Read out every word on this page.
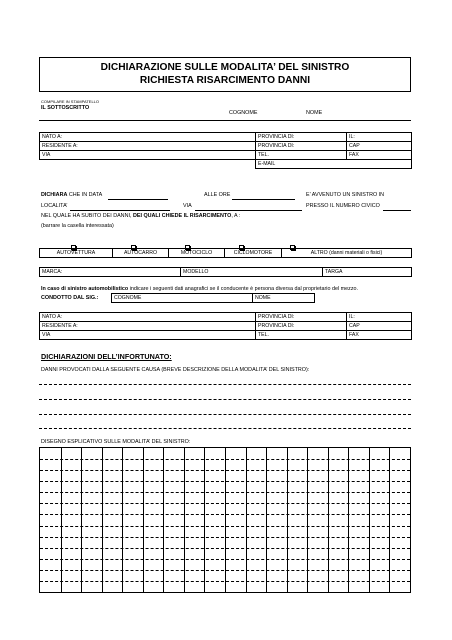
DICHIARAZIONE SULLE MODALITA’ DEL SINISTRO
RICHIESTA RISARCIMENTO DANNI
COMPILARE IN STAMPATELLO
IL SOTTOSCRITTO
COGNOME	NOME
NATO A:	PROVINCIA DI:	IL:
RESIDENTE A:	PROVINCIA DI:	CAP
VIA	TEL.	FAX
	E-MAIL	
DICHIARA CHE IN DATA	ALLE ORE	E’ AVVENUTO UN SINISTRO IN
LOCALITA’	VIA	PRESSO IL NUMERO CIVICO
NEL QUALE HA SUBITO DEI DANNI, DEI QUALI CHIEDE IL RISARCIMENTO, A :
(barrare la casella interessata)
AUTOVETTURA	AUTOCARRO	MOTOCICLO	CICLOMOTORE	ALTRO (danni materiali o fisici)
MARCA:	MODELLO	TARGA
In caso di sinistro automobilistico indicare i seguenti dati anagrafici se il conducente è persona diversa dal proprietario del mezzo.
CONDOTTO DAL SIG.:	COGNOME	NOME
NATO A:	PROVINCIA DI:	IL:
RESIDENTE A:	PROVINCIA DI:	CAP
VIA	TEL.	FAX
DICHIARAZIONI DELL’INFORTUNATO:
DANNI PROVOCATI DALLA SEGUENTE CAUSA (BREVE DESCRIZIONE DELLA MODALITA’ DEL SINISTRO):
DISEGNO ESPLICATIVO SULLE MODALITA’ DEL SINISTRO:
